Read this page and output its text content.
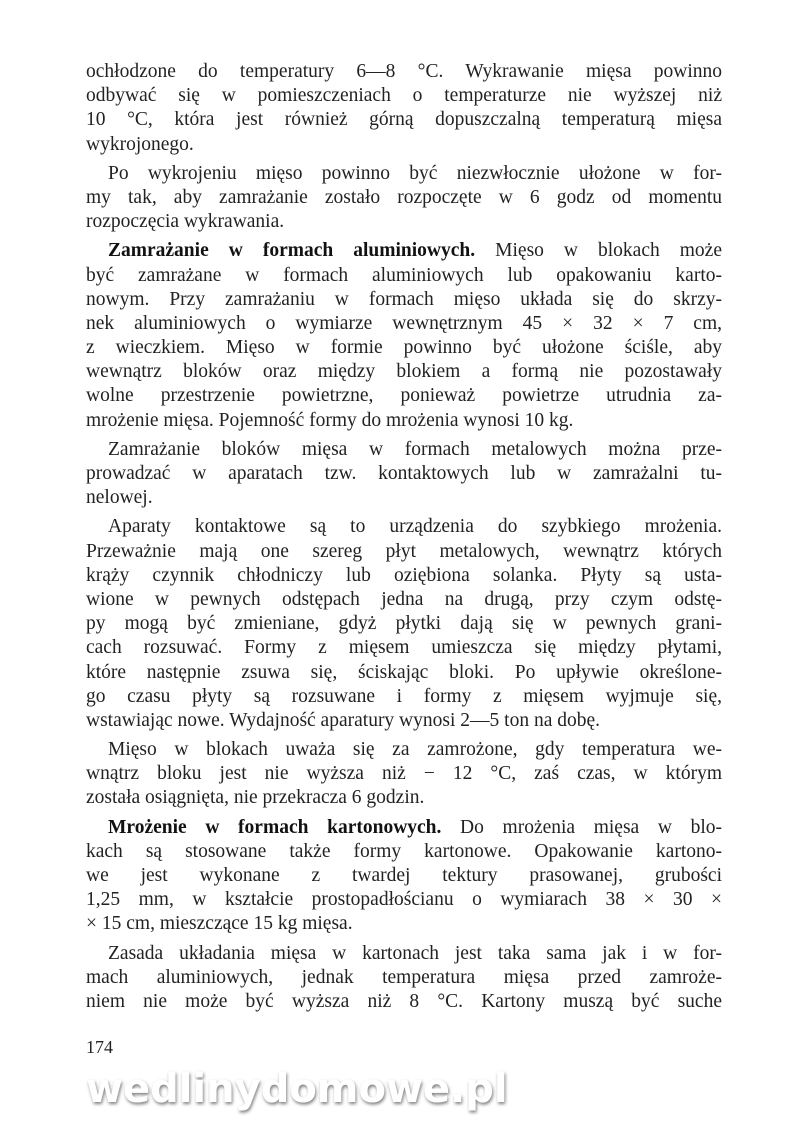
ochłodzone do temperatury 6—8 °C. Wykrawanie mięsa powinno
odbywać się w pomieszczeniach o temperaturze nie wyższej niż
10 °C, która jest również górną dopuszczalną temperaturą mięsa
wykrojonego.
Po wykrojeniu mięso powinno być niezwłocznie ułożone w for-
my tak, aby zamrażanie zostało rozpoczęte w 6 godz od momentu
rozpoczęcia wykrawania.
Zamrażanie w formach aluminiowych. Mięso w blokach może
być zamrażane w formach aluminiowych lub opakowaniu karto-
nowym. Przy zamrażaniu w formach mięso układa się do skrzy-
nek aluminiowych o wymiarze wewnętrznym 45 × 32 × 7 cm,
z wieczkiem. Mięso w formie powinno być ułożone ściśle, aby
wewnątrz bloków oraz między blokiem a formą nie pozostawały
wolne przestrzenie powietrzne, ponieważ powietrze utrudnia za-
mrożenie mięsa. Pojemność formy do mrożenia wynosi 10 kg.
Zamrażanie bloków mięsa w formach metalowych można prze-
prowadzać w aparatach tzw. kontaktowych lub w zamrażalni tu-
nelowej.
Aparaty kontaktowe są to urządzenia do szybkiego mrożenia.
Przeważnie mają one szereg płyt metalowych, wewnątrz których
krąży czynnik chłodniczy lub oziębiona solanka. Płyty są usta-
wione w pewnych odstępach jedna na drugą, przy czym odstę-
py mogą być zmieniane, gdyż płytki dają się w pewnych grani-
cach rozsuwać. Formy z mięsem umieszcza się między płytami,
które następnie zsuwa się, ściskając bloki. Po upływie określone-
go czasu płyty są rozsuwane i formy z mięsem wyjmuje się,
wstawiając nowe. Wydajność aparatury wynosi 2—5 ton na dobę.
Mięso w blokach uważa się za zamrożone, gdy temperatura we-
wnątrz bloku jest nie wyższa niż − 12 °C, zaś czas, w którym
została osiągnięta, nie przekracza 6 godzin.
Mrożenie w formach kartonowych. Do mrożenia mięsa w blo-
kach są stosowane także formy kartonowe. Opakowanie kartono-
we jest wykonane z twardej tektury prasowanej, grubości
1,25 mm, w kształcie prostopadłościanu o wymiarach 38 × 30 ×
× 15 cm, mieszczące 15 kg mięsa.
Zasada układania mięsa w kartonach jest taka sama jak i w for-
mach aluminiowych, jednak temperatura mięsa przed zamroże-
niem nie może być wyższa niż 8 °C. Kartony muszą być suche
174
wedlinydomowe.pl
